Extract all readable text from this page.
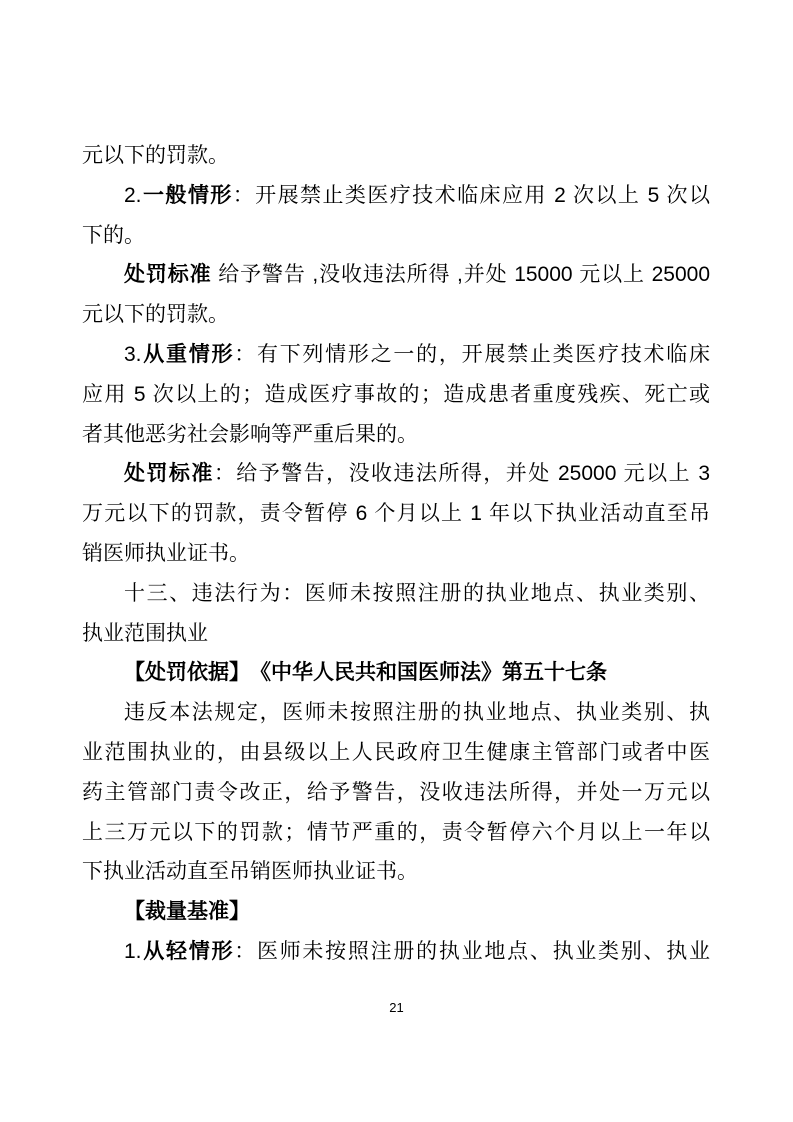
元以下的罚款。
2.一般情形：开展禁止类医疗技术临床应用 2 次以上 5 次以
下的。
处罚标准 给予警告 ,没收违法所得 ,并处 15000 元以上 25000
元以下的罚款。
3.从重情形：有下列情形之一的，开展禁止类医疗技术临床
应用 5 次以上的；造成医疗事故的；造成患者重度残疾、死亡或
者其他恶劣社会影响等严重后果的。
处罚标准：给予警告，没收违法所得，并处 25000 元以上 3
万元以下的罚款，责令暂停 6 个月以上 1 年以下执业活动直至吊
销医师执业证书。
十三、违法行为：医师未按照注册的执业地点、执业类别、
执业范围执业
【处罚依据】　《中华人民共和国医师法》第五十七条
违反本法规定，医师未按照注册的执业地点、执业类别、执
业范围执业的，由县级以上人民政府卫生健康主管部门或者中医
药主管部门责令改正，给予警告，没收违法所得，并处一万元以
上三万元以下的罚款；情节严重的，责令暂停六个月以上一年以
下执业活动直至吊销医师执业证书。
【裁量基准】
1.从轻情形：医师未按照注册的执业地点、执业类别、执业
21
